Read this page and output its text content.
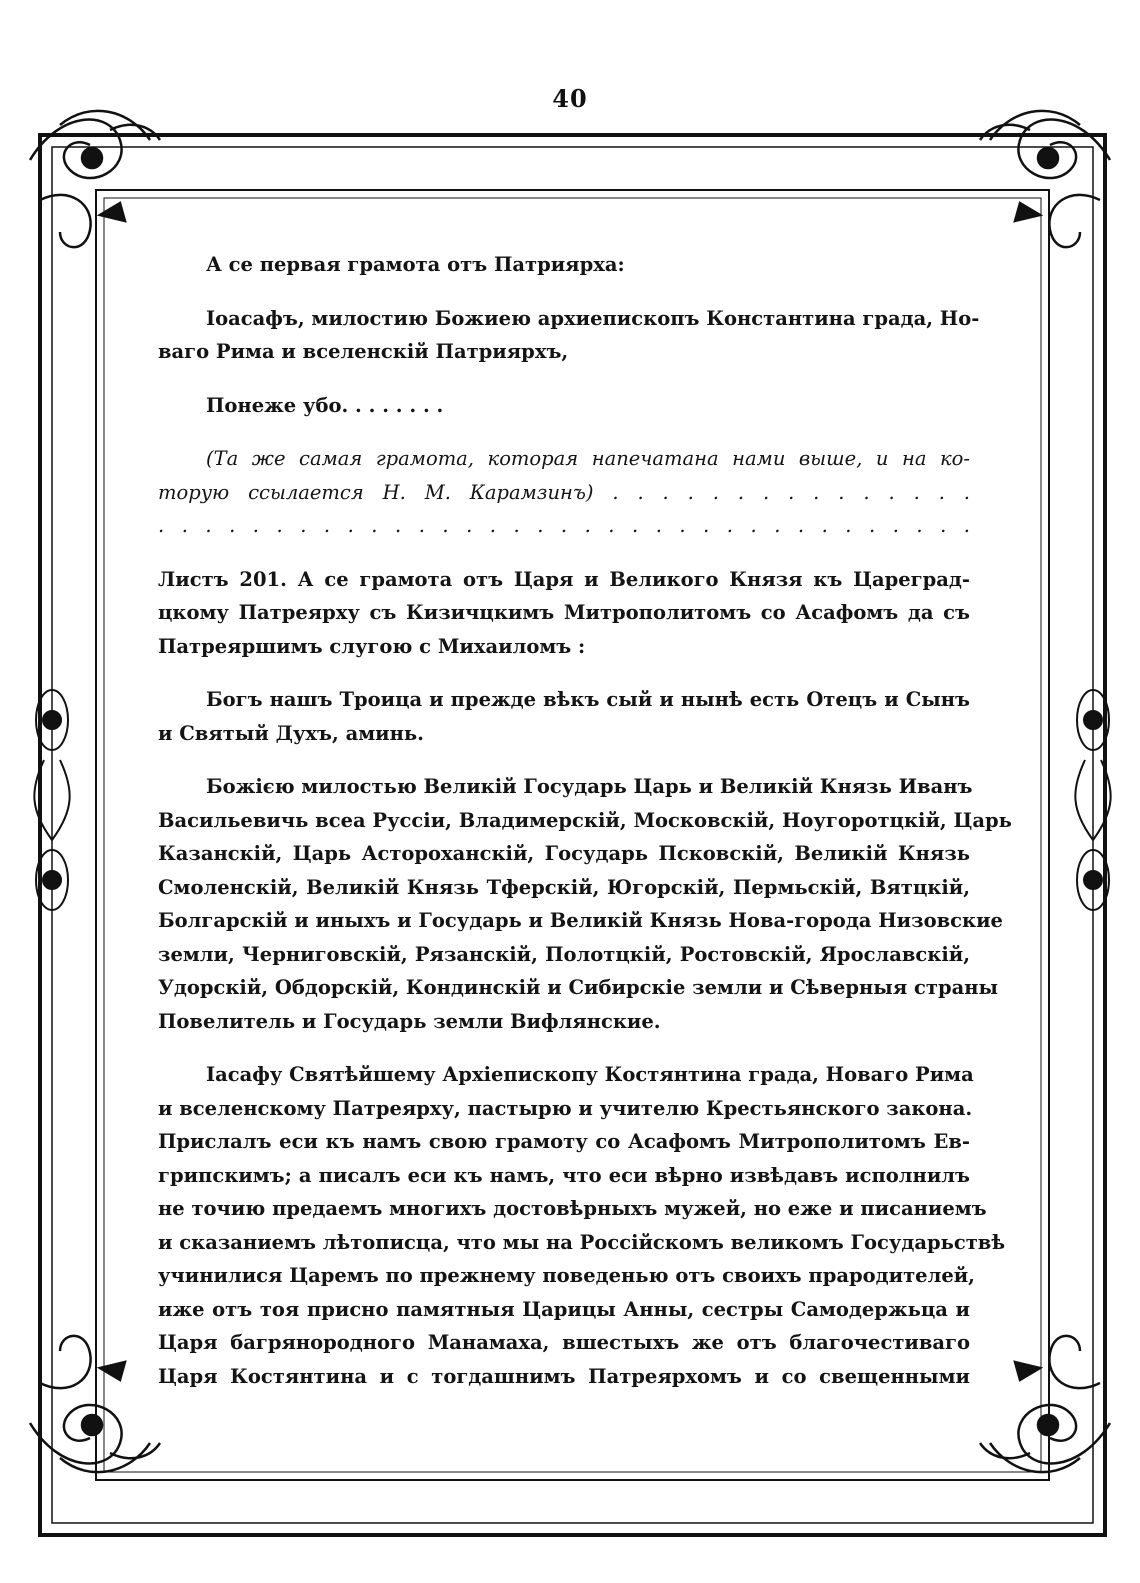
40

А се первая грамота отъ Патриярха:

Іоасафъ, милостию Божиею архиепископъ Константина града, Но-
ваго Рима и вселенскій Патриярхъ,

Понеже убо. . . . . . . .

(Та же самая грамота, которая напечатана нами выше, и на ко-
торую ссылается Н. М. Карамзинъ) . . . . . . . . . . . . . . .
. . . . . . . . . . . . . . . . . . . . . . . . . . . . . . . . . . .

Листъ 201. А се грамота отъ Царя и Великого Князя къ Цареград-
цкому Патреярху съ Кизичцкимъ Митрополитомъ со Асафомъ да съ
Патреяршимъ слугою с Михаиломъ :

Богъ нашъ Троица и прежде вѣкъ сый и нынѣ есть Отецъ и Сынъ
и Святый Духъ, аминь.

Божією милостью Великій Государь Царь и Великій Князь Иванъ
Васильевичь всеа Руссіи, Владимерскій, Московскій, Ноугоротцкій, Царь
Казанскій, Царь Астороханскій, Государь Псковскій, Великій Князь
Смоленскій, Великій Князь Тферскій, Югорскій, Пермьскій, Вятцкій,
Болгарскій и иныхъ и Государь и Великій Князь Нова-города Низовские
земли, Черниговскій, Рязанскій, Полотцкій, Ростовскій, Ярославскій,
Удорскій, Обдорскій, Кондинскій и Сибирскіе земли и Сѣверныя страны
Повелитель и Государь земли Вифлянские.

Іасафу Святѣйшему Архіепископу Костянтина града, Новаго Рима
и вселенскому Патреярху, пастырю и учителю Крестьянского закона.
Прислалъ еси къ намъ свою грамоту со Асафомъ Митрополитомъ Ев-
грипскимъ; а писалъ еси къ намъ, что еси вѣрно извѣдавъ исполнилъ
не точию предаемъ многихъ достовѣрныхъ мужей, но еже и писаниемъ
и сказаниемъ лѣтописца, что мы на Россійскомъ великомъ Государьствѣ
учинилися Царемъ по прежнему поведенью отъ своихъ прародителей,
иже отъ тоя присно памятныя Царицы Анны, сестры Самодержьца и
Царя багрянородного Манамаха, вшестыхъ же отъ благочестиваго
Царя Костянтина и с тогдашнимъ Патреярхомъ и со свещенными
